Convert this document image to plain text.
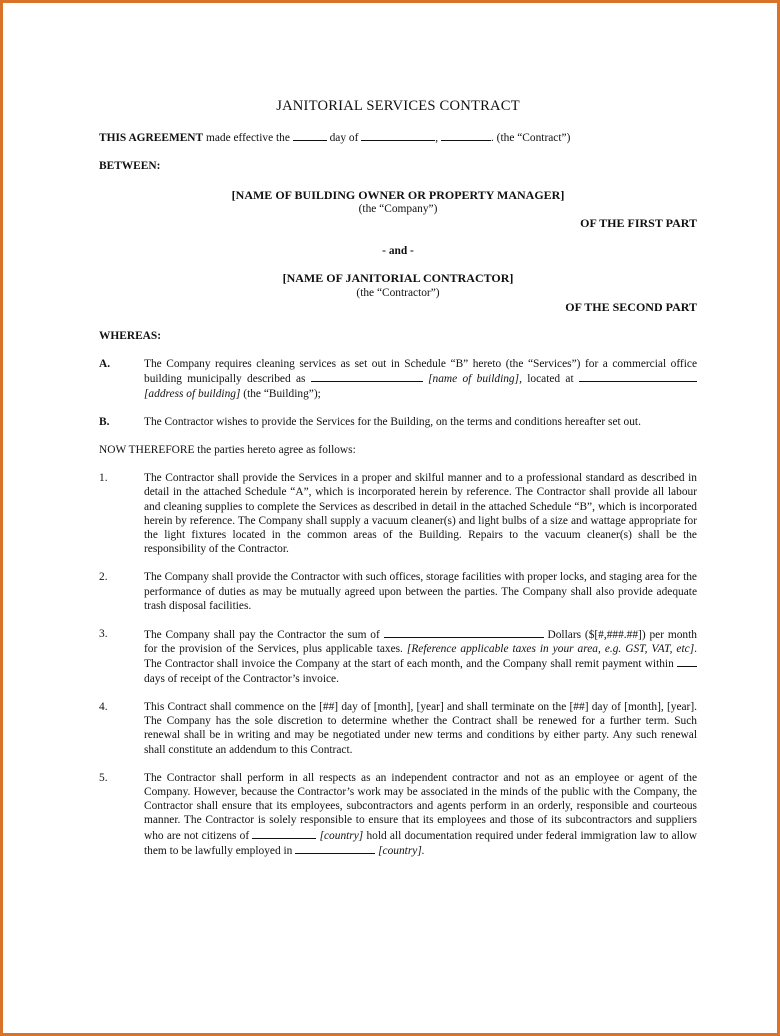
JANITORIAL SERVICES CONTRACT

THIS AGREEMENT made effective the	day of	,	. (the “Contract”)

BETWEEN:

[NAME OF BUILDING OWNER OR PROPERTY MANAGER]

(the “Company”)

OF THE FIRST PART

- and -

[NAME OF JANITORIAL CONTRACTOR]

(the “Contractor”)

OF THE SECOND PART

WHEREAS:

A.	The Company requires cleaning services as set out in Schedule “B” hereto (the “Services”) for a commercial office building municipally described as	[name of building], located at  [address of building] (the “Building”);
B.	The Contractor wishes to provide the Services for the Building, on the terms and conditions hereafter set out.

NOW THEREFORE the parties hereto agree as follows:

1.	The Contractor shall provide the Services in a proper and skilful manner and to a professional standard as described in detail in the attached Schedule “A”, which is incorporated herein by reference. The Contractor shall provide all labour and cleaning supplies to complete the Services as described in detail in the attached Schedule “B”, which is incorporated herein by reference. The Company shall supply a vacuum cleaner(s) and light bulbs of a size and wattage appropriate for the light fixtures located in the common areas of the Building. Repairs to the vacuum cleaner(s) shall be the responsibility of the Contractor.
2.	The Company shall provide the Contractor with such offices, storage facilities with proper locks, and staging area for the performance of duties as may be mutually agreed upon between the parties. The Company shall also provide adequate trash disposal facilities.
3.	The Company shall pay the Contractor the sum of	Dollars ($[#,###.##]) per month for the provision of the Services, plus applicable taxes. [Reference applicable taxes in your area, e.g. GST, VAT, etc]. The Contractor shall invoice the Company at the start of each month, and the Company shall remit payment within  days of receipt of the Contractor’s invoice.
4.	This Contract shall commence on the [##] day of [month], [year] and shall terminate on the [##] day of [month], [year]. The Company has the sole discretion to determine whether the Contract shall be renewed for a further term. Such renewal shall be in writing and may be negotiated under new terms and conditions by either party. Any such renewal shall constitute an addendum to this Contract.
5.	The Contractor shall perform in all respects as an independent contractor and not as an employee or agent of the Company. However, because the Contractor’s work may be associated in the minds of the public with the Company, the Contractor shall ensure that its employees, subcontractors and agents perform in an orderly, responsible and courteous manner. The Contractor is solely responsible to ensure that its employees and those of its subcontractors and suppliers who are not citizens of	[country] hold all documentation required under federal immigration law to allow them to be lawfully employed in	[country].
